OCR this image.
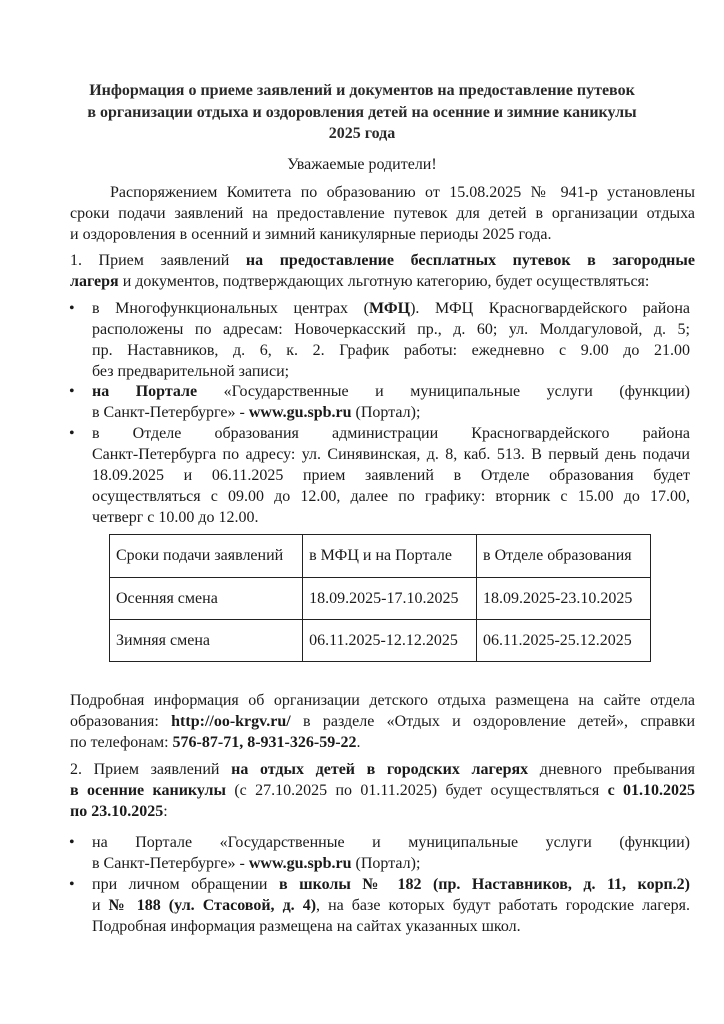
Информация о приеме заявлений и документов на предоставление путевок
в организации отдыха и оздоровления детей на осенние и зимние каникулы
2025 года
Уважаемые родители!
Распоряжением Комитета по образованию от 15.08.2025 № 941-р установлены
сроки подачи заявлений на предоставление путевок для детей в организации отдыха
и оздоровления в осенний и зимний каникулярные периоды 2025 года.
1. Прием заявлений на предоставление бесплатных путевок в загородные
лагеря и документов, подтверждающих льготную категорию, будет осуществляться:
• в Многофункциональных центрах (МФЦ). МФЦ Красногвардейского района
расположены по адресам: Новочеркасский пр., д. 60; ул. Молдагуловой, д. 5;
пр. Наставников, д. 6, к. 2. График работы: ежедневно с 9.00 до 21.00
без предварительной записи;
• на Портале «Государственные и муниципальные услуги (функции)
в Санкт-Петербурге» - www.gu.spb.ru (Портал);
• в Отделе образования администрации Красногвардейского района
Санкт-Петербурга по адресу: ул. Синявинская, д. 8, каб. 513. В первый день подачи
18.09.2025 и 06.11.2025 прием заявлений в Отделе образования будет
осуществляться с 09.00 до 12.00, далее по графику: вторник с 15.00 до 17.00,
четверг с 10.00 до 12.00.
Сроки подачи заявлений	в МФЦ и на Портале	в Отделе образования
Осенняя смена	18.09.2025-17.10.2025	18.09.2025-23.10.2025
Зимняя смена	06.11.2025-12.12.2025	06.11.2025-25.12.2025
Подробная информация об организации детского отдыха размещена на сайте отдела
образования: http://oo-krgv.ru/ в разделе «Отдых и оздоровление детей», справки
по телефонам: 576-87-71, 8-931-326-59-22.
2. Прием заявлений на отдых детей в городских лагерях дневного пребывания
в осенние каникулы (с 27.10.2025 по 01.11.2025) будет осуществляться с 01.10.2025
по 23.10.2025:
• на Портале «Государственные и муниципальные услуги (функции)
в Санкт-Петербурге» - www.gu.spb.ru (Портал);
• при личном обращении в школы № 182 (пр. Наставников, д. 11, корп.2)
и № 188 (ул. Стасовой, д. 4), на базе которых будут работать городские лагеря.
Подробная информация размещена на сайтах указанных школ.
